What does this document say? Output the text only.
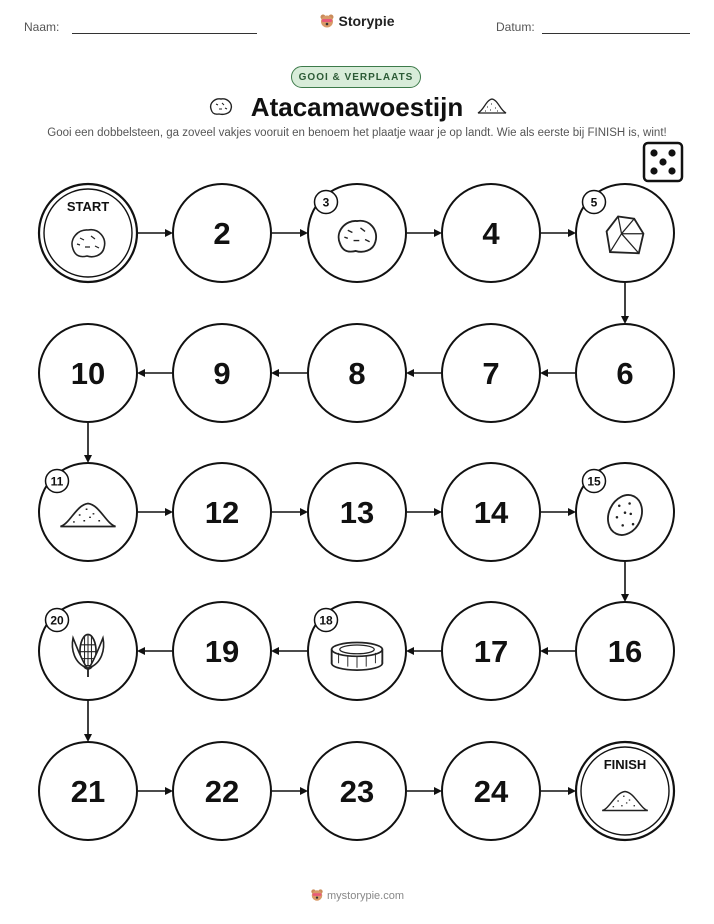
Naam:	Storypie	Datum:
GOOI & VERPLAATS
Atacamawoestijn
Gooi een dobbelsteen, ga zoveel vakjes vooruit en benoem het plaatje waar je op landt. Wie als eerste bij FINISH is, wint!
START
2
3
4
5
6
7
8
9
10
11
12	13	14
15
16
17
18
19
20
21	22	23	24
FINISH
mystorypie.com
